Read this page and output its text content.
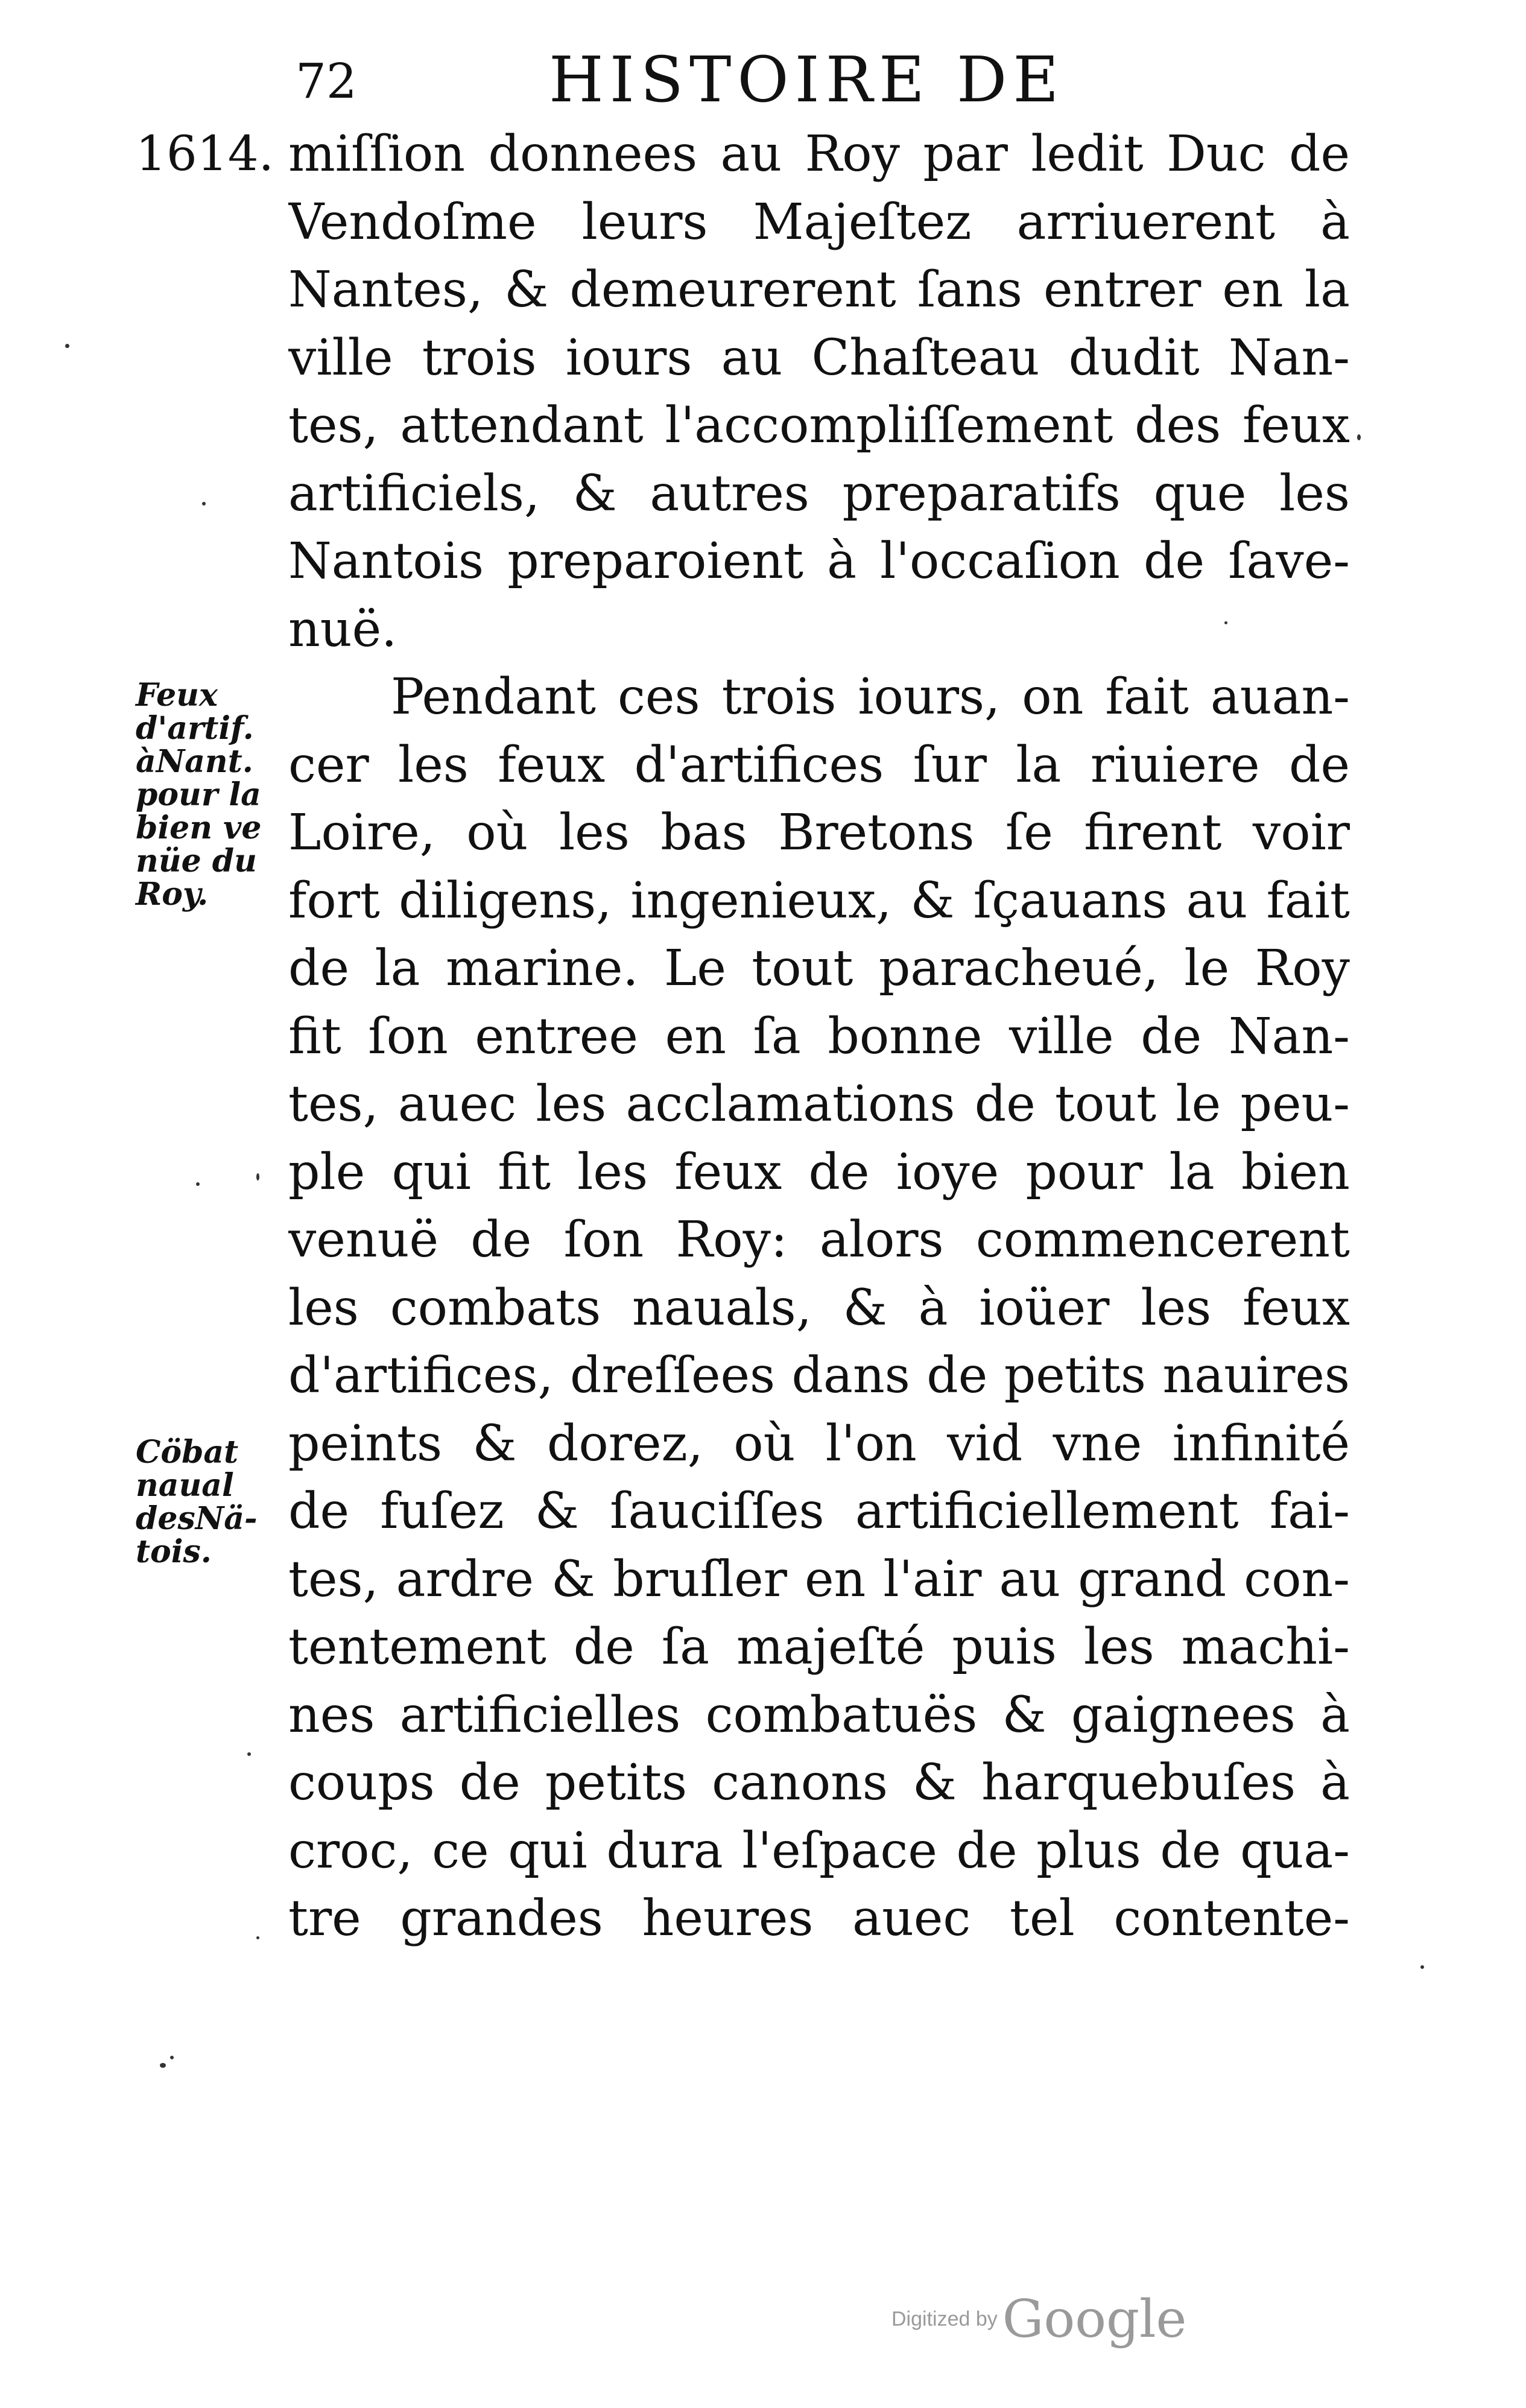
72	HISTOIRE DE
1614.
Feux
d'artif.
àNant.
pour la
bien ve
nüe du
Roy.
Cöbat
naual
desNä-
tois.
miſſion donnees au Roy par ledit Duc de
Vendoſme leurs Majeſtez arriuerent à
Nantes, & demeurerent ſans entrer en la
ville trois iours au Chaſteau dudit Nan-
tes, attendant l'accompliſſement des feux
artificiels, & autres preparatifs que les
Nantois preparoient à l'occaſion de ſave-
nuë.
Pendant ces trois iours, on fait auan-
cer les feux d'artifices ſur la riuiere de
Loire, où les bas Bretons ſe firent voir
fort diligens, ingenieux, & ſçauans au fait
de la marine. Le tout paracheué, le Roy
fit ſon entree en ſa bonne ville de Nan-
tes, auec les acclamations de tout le peu-
ple qui fit les feux de ioye pour la bien
venuë de ſon Roy: alors commencerent
les combats nauals, & à ioüer les feux
d'artifices, dreſſees dans de petits nauires
peints & dorez, où l'on vid vne infinité
de fuſez & ſauciſſes artificiellement fai-
tes, ardre & bruſler en l'air au grand con-
tentement de ſa majeſté puis les machi-
nes artificielles combatuës & gaignees à
coups de petits canons & harquebuſes à
croc, ce qui dura l'eſpace de plus de qua-
tre grandes heures auec tel contente-
Digitized byGoogle
